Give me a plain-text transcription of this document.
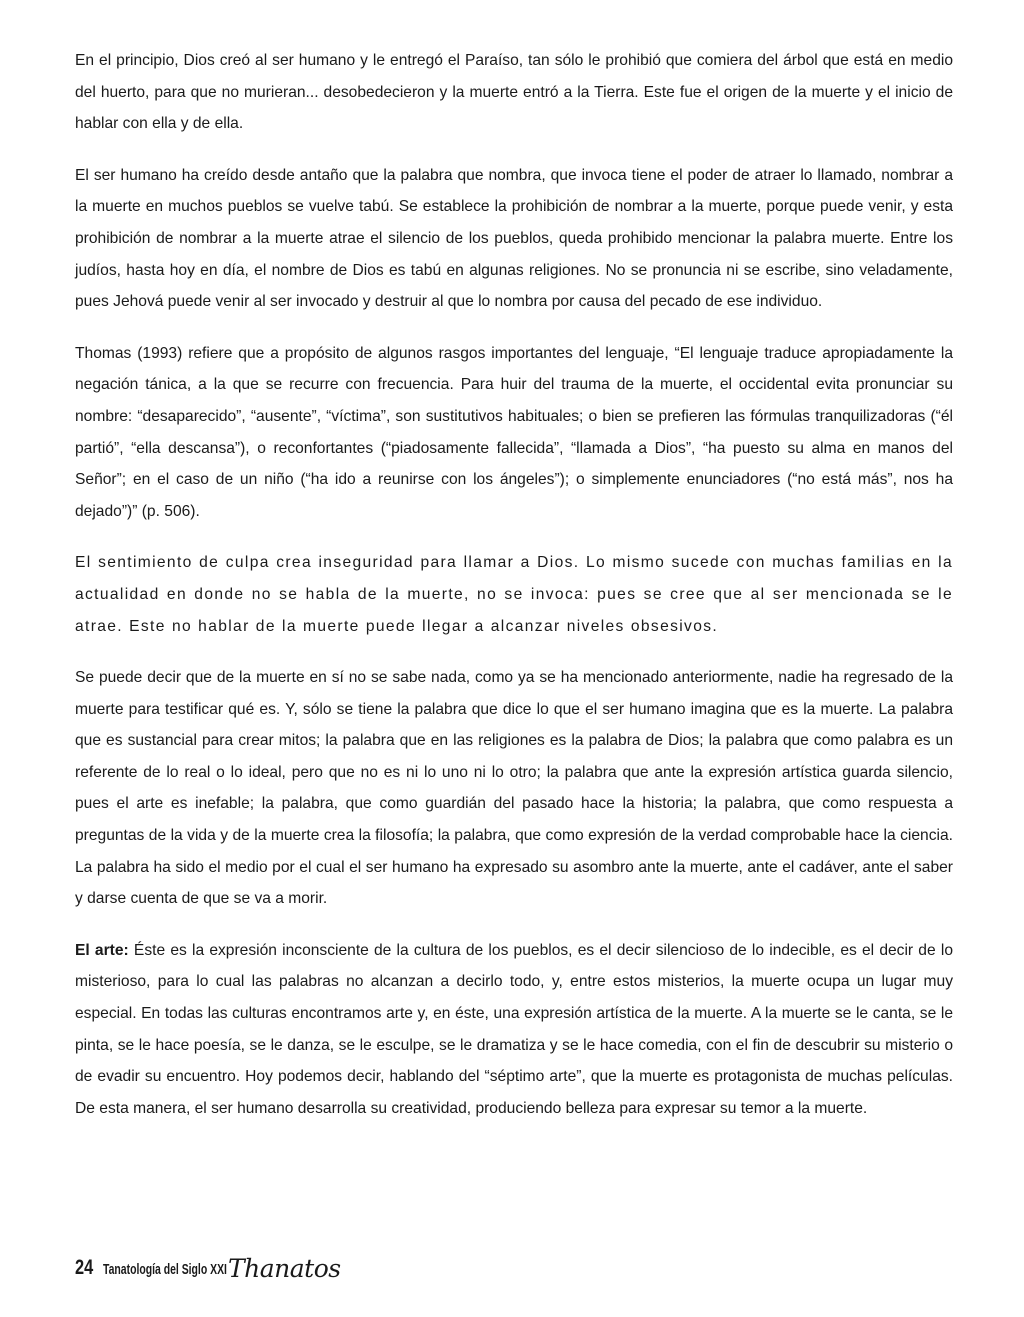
En el principio, Dios creó al ser humano y le entregó el Paraíso, tan sólo le prohibió que comiera del árbol que está en medio del huerto, para que no murieran... desobedecieron y la muerte entró a la Tierra. Este fue el origen de la muerte y el inicio de hablar con ella y de ella.

El ser humano ha creído desde antaño que la palabra que nombra, que invoca tiene el poder de atraer lo llamado, nombrar a la muerte en muchos pueblos se vuelve tabú. Se establece la prohibición de nombrar a la muerte, porque puede venir, y esta prohibición de nombrar a la muerte atrae el silencio de los pueblos, queda prohibido mencionar la palabra muerte. Entre los judíos, hasta hoy en día, el nombre de Dios es tabú en algunas religiones. No se pronuncia ni se escribe, sino veladamente, pues Jehová puede venir al ser invocado y destruir al que lo nombra por causa del pecado de ese individuo.

Thomas (1993) refiere que a propósito de algunos rasgos importantes del lenguaje, “El lenguaje traduce apropiadamente la negación tánica, a la que se recurre con frecuencia. Para huir del trauma de la muerte, el occidental evita pronunciar su nombre: “desaparecido”, “ausente”, “víctima”, son sustitutivos habituales; o bien se prefieren las fórmulas tranquilizadoras (“él partió”, “ella descansa”), o reconfortantes (“piadosamente fallecida”, “llamada a Dios”, “ha puesto su alma en manos del Señor”; en el caso de un niño (“ha ido a reunirse con los ángeles”); o simplemente enunciadores (“no está más”, nos ha dejado”)” (p. 506).

El sentimiento de culpa crea inseguridad para llamar a Dios. Lo mismo sucede con muchas familias en la actualidad en donde no se habla de la muerte, no se invoca: pues se cree que al ser mencionada se le atrae. Este no hablar de la muerte puede llegar a alcanzar niveles obsesivos.

Se puede decir que de la muerte en sí no se sabe nada, como ya se ha mencionado anteriormente, nadie ha regresado de la muerte para testificar qué es. Y, sólo se tiene la palabra que dice lo que el ser humano imagina que es la muerte. La palabra que es sustancial para crear mitos; la palabra que en las religiones es la palabra de Dios; la palabra que como palabra es un referente de lo real o lo ideal, pero que no es ni lo uno ni lo otro; la palabra que ante la expresión artística guarda silencio, pues el arte es inefable; la palabra, que como guardián del pasado hace la historia; la palabra, que como respuesta a preguntas de la vida y de la muerte crea la filosofía; la palabra, que como expresión de la verdad comprobable hace la ciencia. La palabra ha sido el medio por el cual el ser humano ha expresado su asombro ante la muerte, ante el cadáver, ante el saber y darse cuenta de que se va a morir.

El arte: Éste es la expresión inconsciente de la cultura de los pueblos, es el decir silencioso de lo indecible, es el decir de lo misterioso, para lo cual las palabras no alcanzan a decirlo todo, y, entre estos misterios, la muerte ocupa un lugar muy especial. En todas las culturas encontramos arte y, en éste, una expresión artística de la muerte. A la muerte se le canta, se le pinta, se le hace poesía, se le danza, se le esculpe, se le dramatiza y se le hace comedia, con el fin de descubrir su misterio o de evadir su encuentro. Hoy podemos decir, hablando del “séptimo arte”, que la muerte es protagonista de muchas películas. De esta manera, el ser humano desarrolla su creatividad, produciendo belleza para expresar su temor a la muerte.

24 Tanatología del Siglo XXI Thanatos
